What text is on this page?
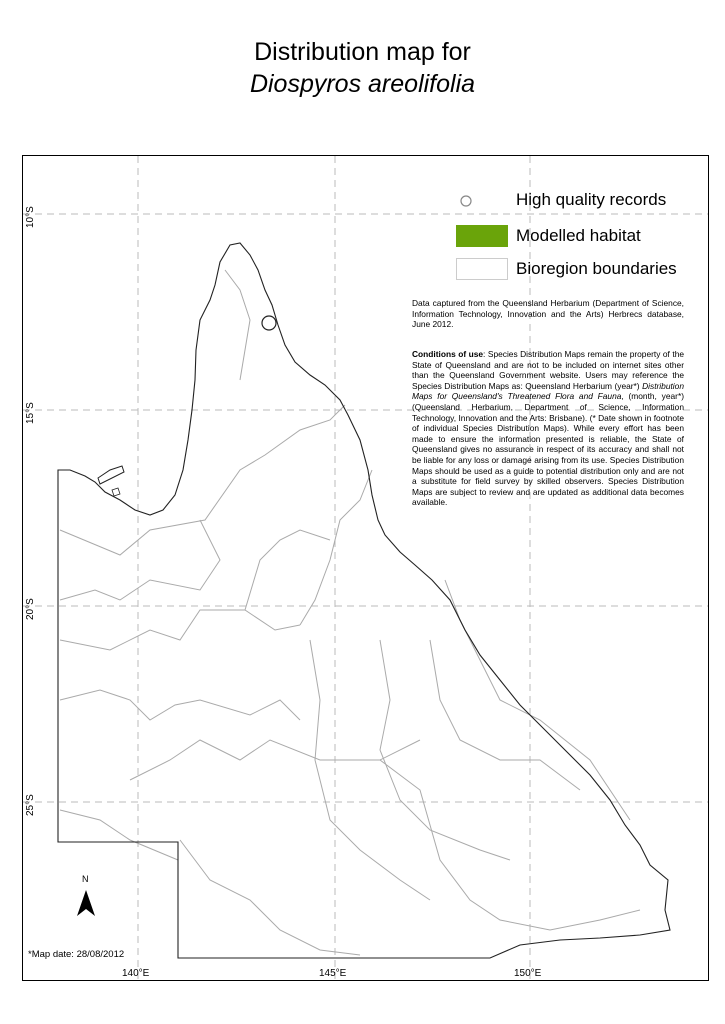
Distribution map for
Diospyros areolifolia
High quality records
Modelled habitat
Bioregion boundaries
Data captured from the Queensland Herbarium (Department of Science, Information Technology, Innovation and the Arts) Herbrecs database, June 2012.
Conditions of use: Species Distribution Maps remain the property of the State of Queensland and are not to be included on internet sites other than the Queensland Government website. Users may reference the Species Distribution Maps as: Queensland Herbarium (year*) Distribution Maps for Queensland's Threatened Flora and Fauna, (month, year*) (Queensland Herbarium, Department of Science, Information Technology, Innovation and the Arts: Brisbane). (* Date shown in footnote of individual Species Distribution Maps). While every effort has been made to ensure the information presented is reliable, the State of Queensland gives no assurance in respect of its accuracy and shall not be liable for any loss or damage arising from its use. Species Distribution Maps should be used as a guide to potential distribution only and are not a substitute for field survey by skilled observers. Species Distribution Maps are subject to review and are updated as additional data becomes available.
140°E	145°E	150°E
10°S
15°S
20°S
25°S
N
*Map date: 28/08/2012
